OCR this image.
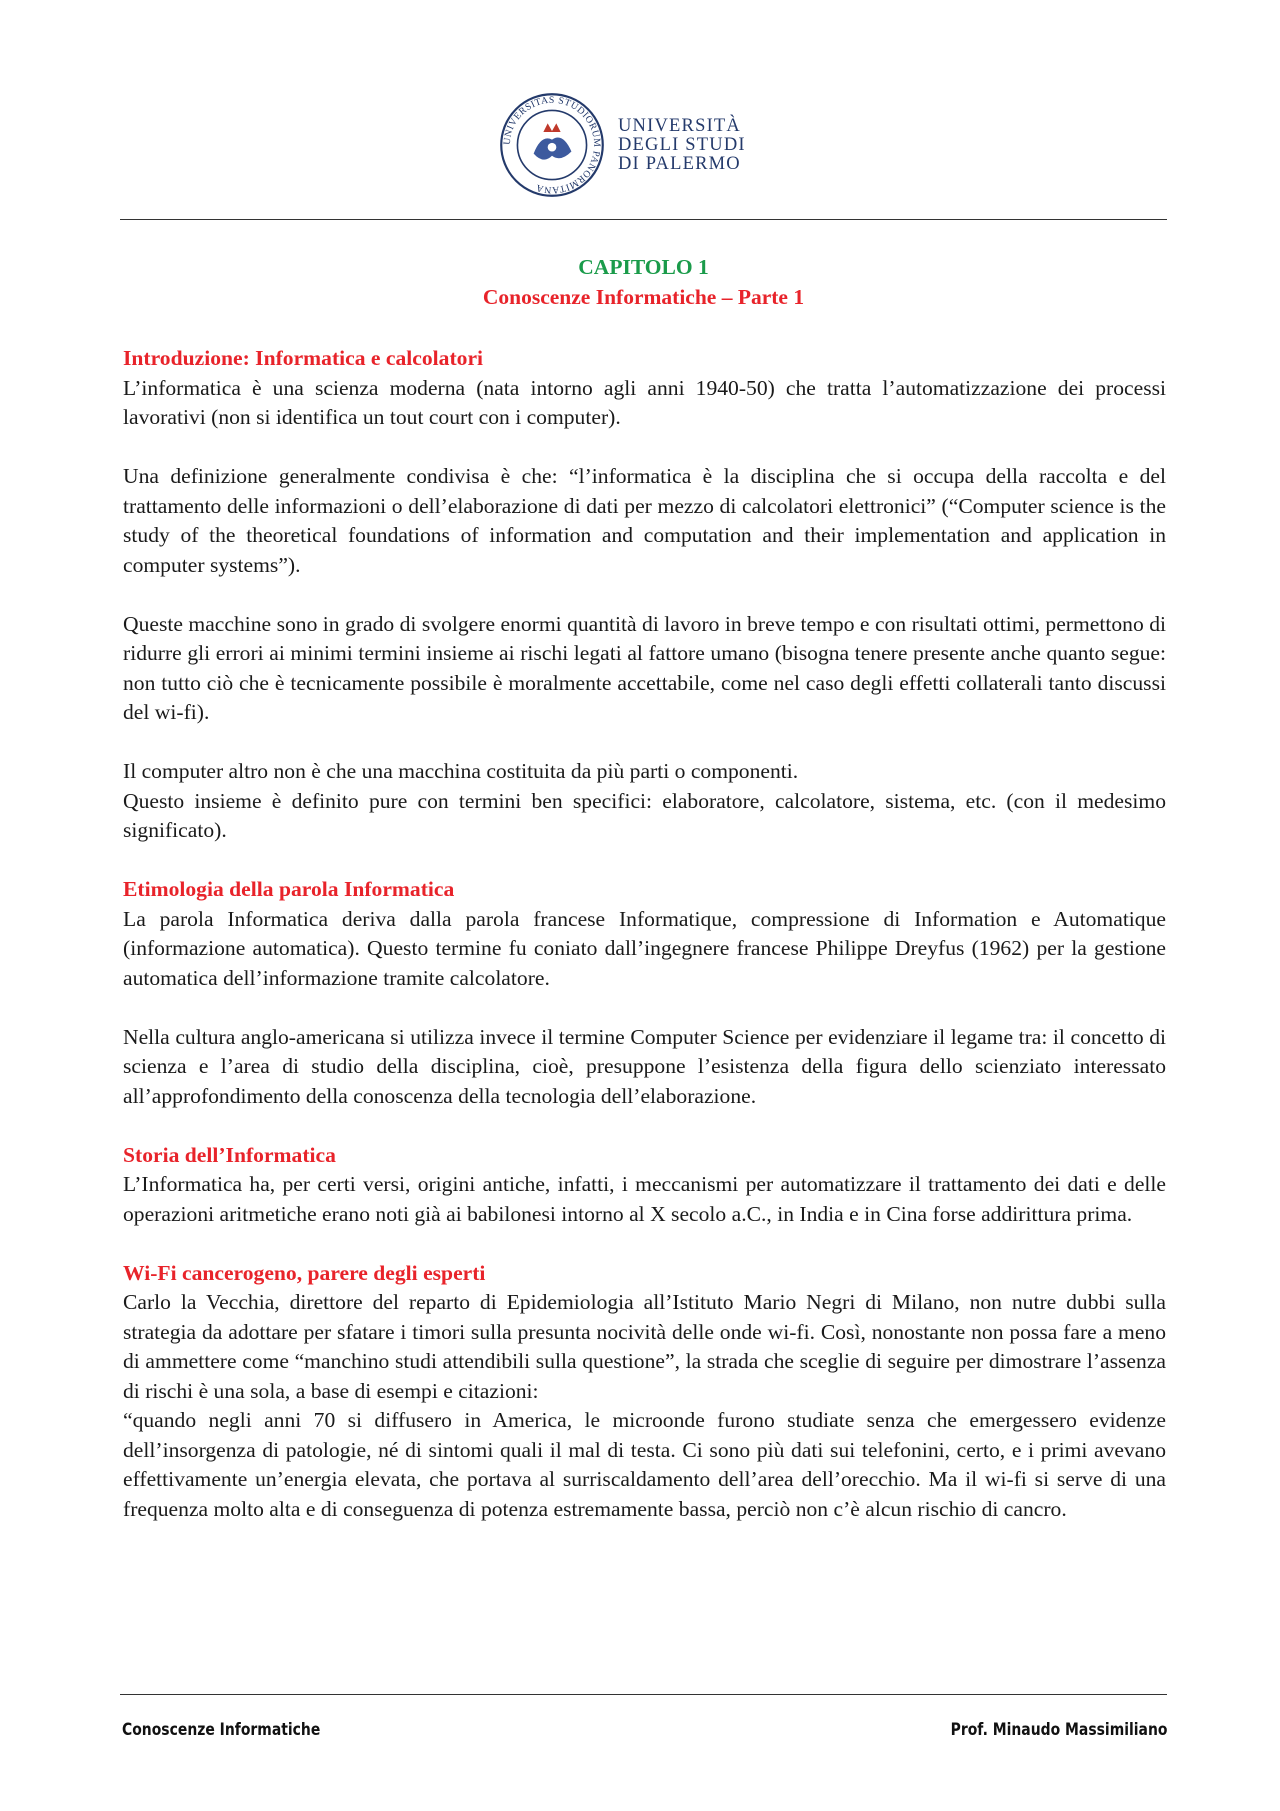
UNIVERSITAS STUDIORUM PANORMITANA
UNIVERSITÀ
DEGLI STUDI
DI PALERMO
CAPITOLO 1
Conoscenze Informatiche – Parte 1
Introduzione: Informatica e calcolatori

L’informatica è una scienza moderna (nata intorno agli anni 1940-50) che tratta l’automatizzazione dei processi lavorativi (non si identifica un tout court con i computer).

Una definizione generalmente condivisa è che: “l’informatica è la disciplina che si occupa della raccolta e del trattamento delle informazioni o dell’elaborazione di dati per mezzo di calcolatori elettronici” (“Computer science is the study of the theoretical foundations of information and computation and their implementation and application in computer systems”).

Queste macchine sono in grado di svolgere enormi quantità di lavoro in breve tempo e con risultati ottimi, permettono di ridurre gli errori ai minimi termini insieme ai rischi legati al fattore umano (bisogna tenere presente anche quanto segue: non tutto ciò che è tecnicamente possibile è moralmente accettabile, come nel caso degli effetti collaterali tanto discussi del wi-fi).

Il computer altro non è che una macchina costituita da più parti o componenti.

Questo insieme è definito pure con termini ben specifici: elaboratore, calcolatore, sistema, etc. (con il medesimo significato).

Etimologia della parola Informatica

La parola Informatica deriva dalla parola francese Informatique, compressione di Information e Automatique (informazione automatica). Questo termine fu coniato dall’ingegnere francese Philippe Dreyfus (1962) per la gestione automatica dell’informazione tramite calcolatore.

Nella cultura anglo-americana si utilizza invece il termine Computer Science per evidenziare il legame tra: il concetto di scienza e l’area di studio della disciplina, cioè, presuppone l’esistenza della figura dello scienziato interessato all’approfondimento della conoscenza della tecnologia dell’elaborazione.

Storia dell’Informatica

L’Informatica ha, per certi versi, origini antiche, infatti, i meccanismi per automatizzare il trattamento dei dati e delle operazioni aritmetiche erano noti già ai babilonesi intorno al X secolo a.C., in India e in Cina forse addirittura prima.

Wi-Fi cancerogeno, parere degli esperti

Carlo la Vecchia, direttore del reparto di Epidemiologia all’Istituto Mario Negri di Milano, non nutre dubbi sulla strategia da adottare per sfatare i timori sulla presunta nocività delle onde wi-fi. Così, nonostante non possa fare a meno di ammettere come “manchino studi attendibili sulla questione”, la strada che sceglie di seguire per dimostrare l’assenza di rischi è una sola, a base di esempi e citazioni:

“quando negli anni 70 si diffusero in America, le microonde furono studiate senza che emergessero evidenze dell’insorgenza di patologie, né di sintomi quali il mal di testa. Ci sono più dati sui telefonini, certo, e i primi avevano effettivamente un’energia elevata, che portava al surriscaldamento dell’area dell’orecchio. Ma il wi-fi si serve di una frequenza molto alta e di conseguenza di potenza estremamente bassa, perciò non c’è alcun rischio di cancro.

Conoscenze Informatiche	Prof. Minaudo Massimiliano
